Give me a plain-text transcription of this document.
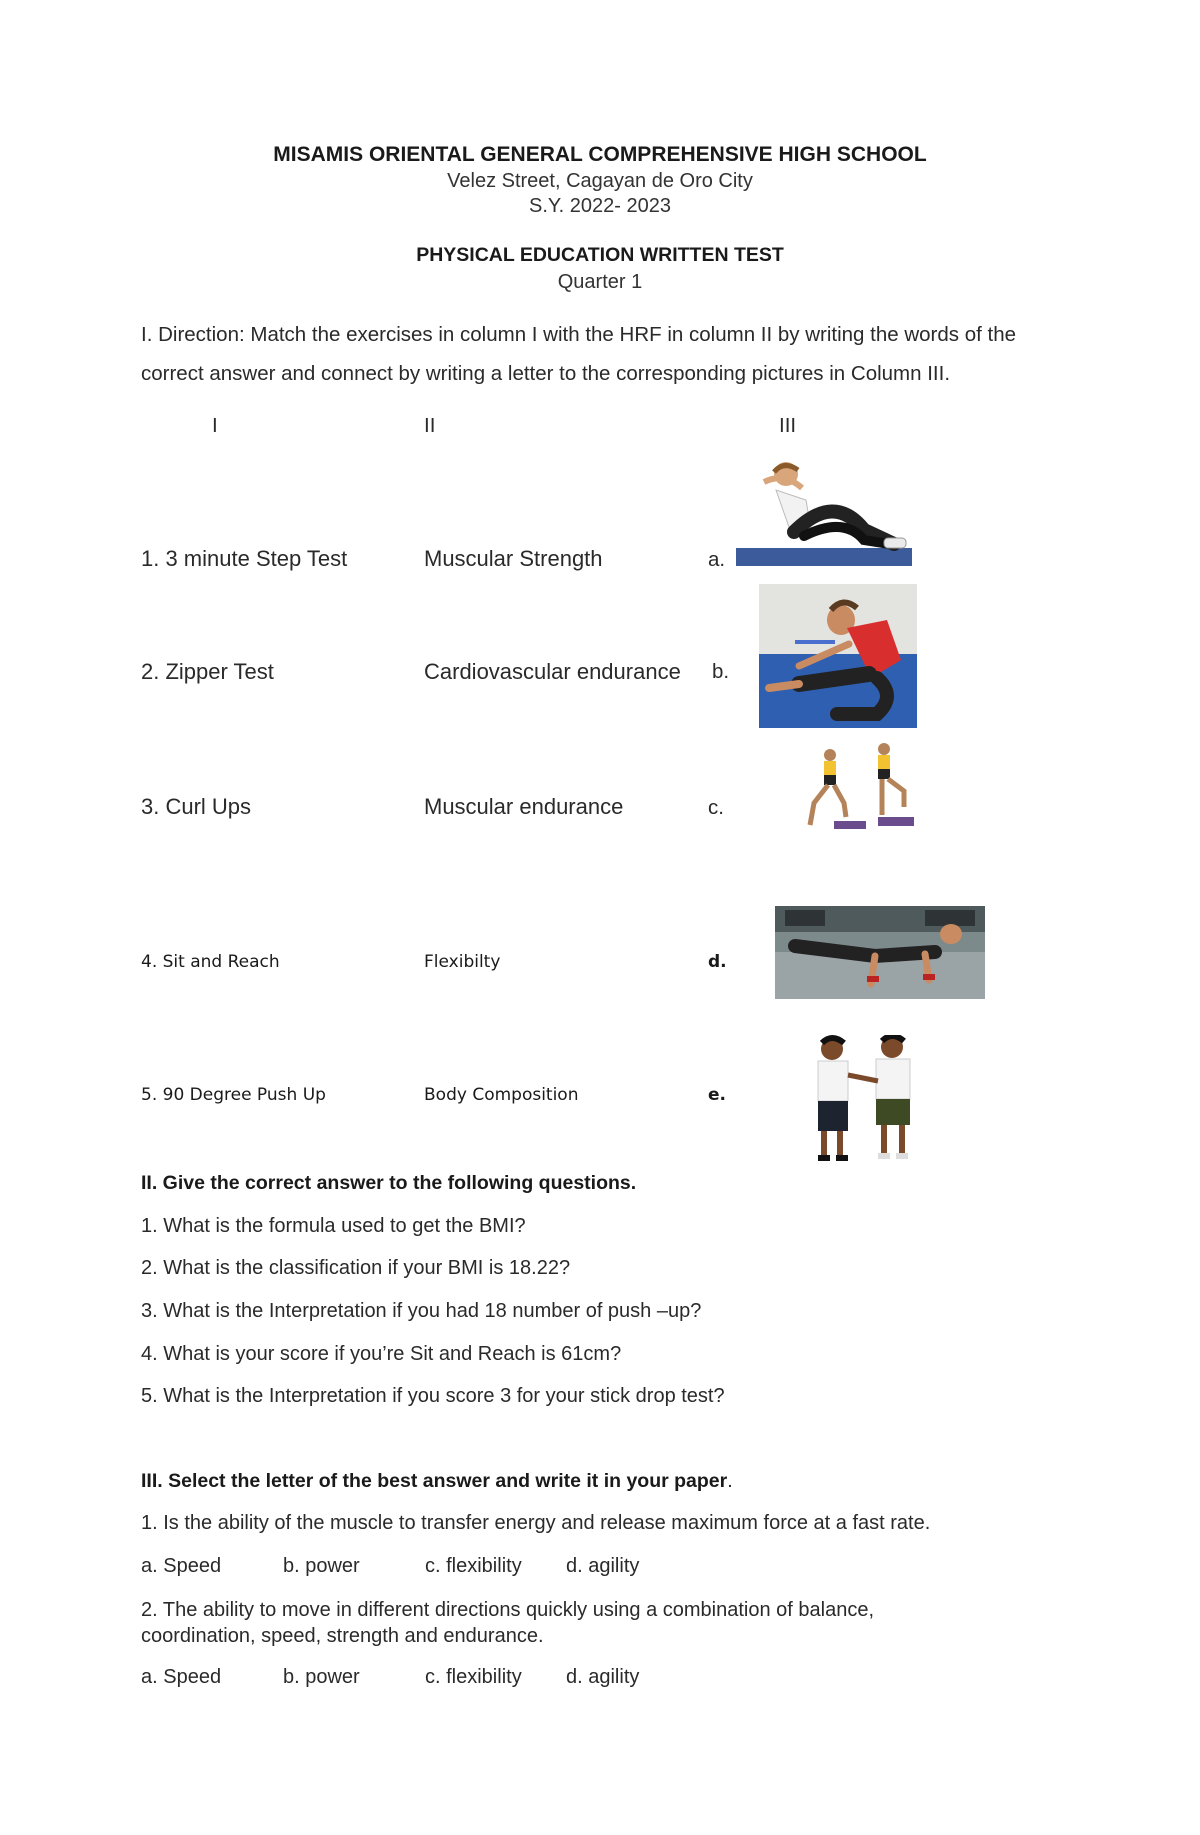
MISAMIS ORIENTAL GENERAL COMPREHENSIVE HIGH SCHOOL
Velez Street, Cagayan de Oro City
S.Y. 2022- 2023
PHYSICAL EDUCATION WRITTEN TEST
Quarter 1
I. Direction: Match the exercises in column I with the HRF in column II by writing the words of the correct answer and connect by writing a letter to the corresponding pictures in Column III.
I	II	III
1. 3 minute Step Test	Muscular Strength	a.
2. Zipper Test	Cardiovascular endurance b.
3. Curl Ups	Muscular endurance	c.
4. Sit and Reach	Flexibilty	d.
5. 90 Degree Push Up	Body Composition	e.
II. Give the correct answer to the following questions.
1. What is the formula used to get the BMI?
2. What is the classification if your BMI is 18.22?
3. What is the Interpretation if you had 18 number of push –up?
4. What is your score if you’re Sit and Reach is 61cm?
5. What is the Interpretation if you score 3 for your stick drop test?
III. Select the letter of the best answer and write it in your paper.
1. Is the ability of the muscle to transfer energy and release maximum force at a fast rate.
a. Speed	b. power	c. flexibility d. agility
2. The ability to move in different directions quickly using a combination of balance, coordination, speed, strength and endurance.
a. Speed	b. power	c. flexibility d. agility
